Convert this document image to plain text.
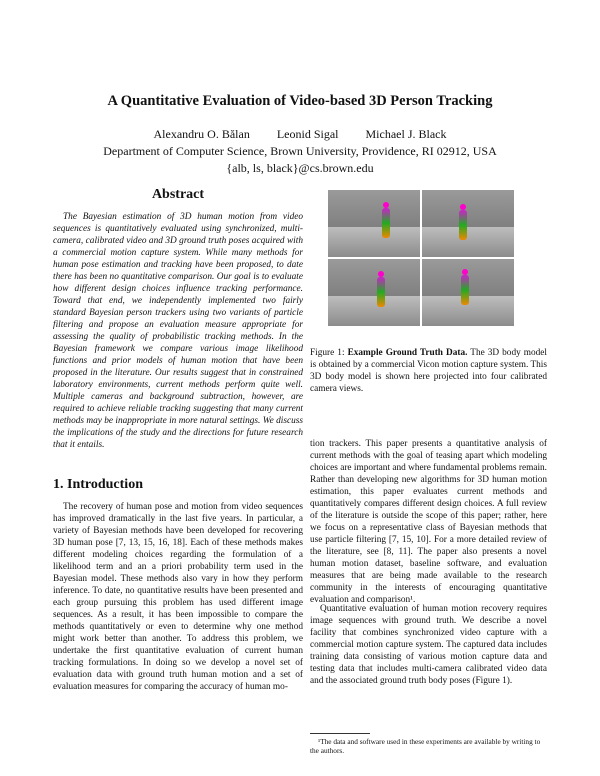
A Quantitative Evaluation of Video-based 3D Person Tracking
Alexandru O. Bălan Leonid Sigal Michael J. Black
Department of Computer Science, Brown University, Providence, RI 02912, USA
{alb, ls, black}@cs.brown.edu
Abstract

The Bayesian estimation of 3D human motion from video sequences is quantitatively evaluated using synchronized, multi-camera, calibrated video and 3D ground truth poses acquired with a commercial motion capture system. While many methods for human pose estimation and tracking have been proposed, to date there has been no quantitative comparison. Our goal is to evaluate how different design choices influence tracking performance. Toward that end, we independently implemented two fairly standard Bayesian person trackers using two variants of particle filtering and propose an evaluation measure appropriate for assessing the quality of probabilistic tracking methods. In the Bayesian framework we compare various image likelihood functions and prior models of human motion that have been proposed in the literature. Our results suggest that in constrained laboratory environments, current methods perform quite well. Multiple cameras and background subtraction, however, are required to achieve reliable tracking suggesting that many current methods may be inappropriate in more natural settings. We discuss the implications of the study and the directions for future research that it entails.

1. Introduction

The recovery of human pose and motion from video sequences has improved dramatically in the last five years. In particular, a variety of Bayesian methods have been developed for recovering 3D human pose [7, 13, 15, 16, 18]. Each of these methods makes different modeling choices regarding the formulation of a likelihood term and an a priori probability term used in the Bayesian model. These methods also vary in how they perform inference. To date, no quantitative results have been presented and each group pursuing this problem has used different image sequences. As a result, it has been impossible to compare the methods quantitatively or even to determine why one method might work better than another. To address this problem, we undertake the first quantitative evaluation of current human tracking formulations. In doing so we develop a novel set of evaluation data with ground truth human motion and a set of evaluation measures for comparing the accuracy of human mo-

Figure 1: Example Ground Truth Data. The 3D body model is obtained by a commercial Vicon motion capture system. This 3D body model is shown here projected into four calibrated camera views.

tion trackers. This paper presents a quantitative analysis of current methods with the goal of teasing apart which modeling choices are important and where fundamental problems remain. Rather than developing new algorithms for 3D human motion estimation, this paper evaluates current methods and quantitatively compares different design choices. A full review of the literature is outside the scope of this paper; rather, here we focus on a representative class of Bayesian methods that use particle filtering [7, 15, 10]. For a more detailed review of the literature, see [8, 11]. The paper also presents a novel human motion dataset, baseline software, and evaluation measures that are being made available to the research community in the interests of encouraging quantitative evaluation and comparison¹.

Quantitative evaluation of human motion recovery requires image sequences with ground truth. We describe a novel facility that combines synchronized video capture with a commercial motion capture system. The captured data includes training data consisting of various motion capture data and testing data that includes multi-camera calibrated video data and the associated ground truth body poses (Figure 1).

¹The data and software used in these experiments are available by writing to the authors.
